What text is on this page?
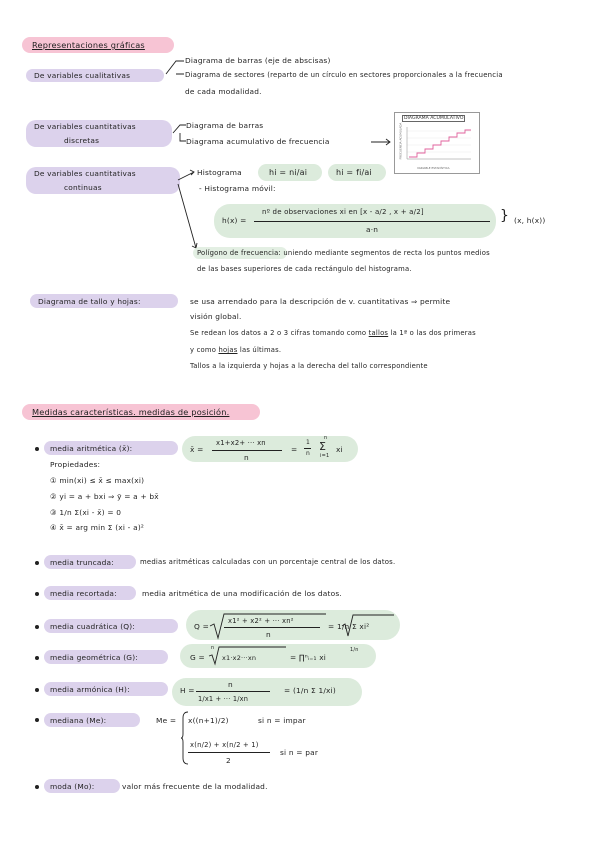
Representaciones gráficas
De variables cualitativas
Diagrama de barras (eje de abscisas)
Diagrama de sectores (reparto de un círculo en sectores proporcionales a la frecuencia
de cada modalidad.
De variables cuantitativas
discretas
Diagrama de barras
Diagrama acumulativo de frecuencia
DIAGRAMA ACUMULATIVO
FRECUENCIA ACUMULADA
VARIABLE ESTADÍSTICA
De variables cuantitativas
continuas
Histograma	hi = ni/ai	hi = fi/ai
- Histograma móvil:
h(x) =
nº de observaciones xi en [x - a/2 , x + a/2]
a·n
} (x, h(x))
Polígono de frecuencia: uniendo mediante segmentos de recta los puntos medios
de las bases superiores de cada rectángulo del histograma.
Diagrama de tallo y hojas:	se usa arrendado para la descripción de v. cuantitativas ⇒ permite
visión global.
Se redean los datos a 2 o 3 cifras tomando como tallos la 1ª o las dos primeras
y como hojas las últimas.
Tallos a la izquierda y hojas a la derecha del tallo correspondiente
Medidas características. medidas de posición.
media aritmética (x̄):	x̄ =
x1+x2+ ··· xn
n
=
1
n
n
Σ
i=1
xi
Propiedades:
① min(xi) ≤ x̄ ≤ max(xi)
② yi = a + bxi ⇒ ȳ = a + bx̄
③ 1/n Σ(xi - x̄) = 0
④ x̄ = arg min Σ (xi - a)²
media truncada:	medias aritméticas calculadas con un porcentaje central de los datos.
media recortada:	media aritmética de una modificación de los datos.
media cuadrática (Q):	Q =
x1² + x2² + ··· xn²
n
= 1/n Σ xi²
media geométrica (G):	G =
n
x1·x2···xn	= ∏ⁿᵢ₌₁ xi
1/n
media armónica (H):	H =
n
1/x1 + ··· 1/xn
= (1/n Σ 1/xi)
mediana (Me):	Me = x((n+1)/2)	si n = impar
x(n/2) + x(n/2 + 1)
2
si n = par
moda (Mo):	valor más frecuente de la modalidad.
